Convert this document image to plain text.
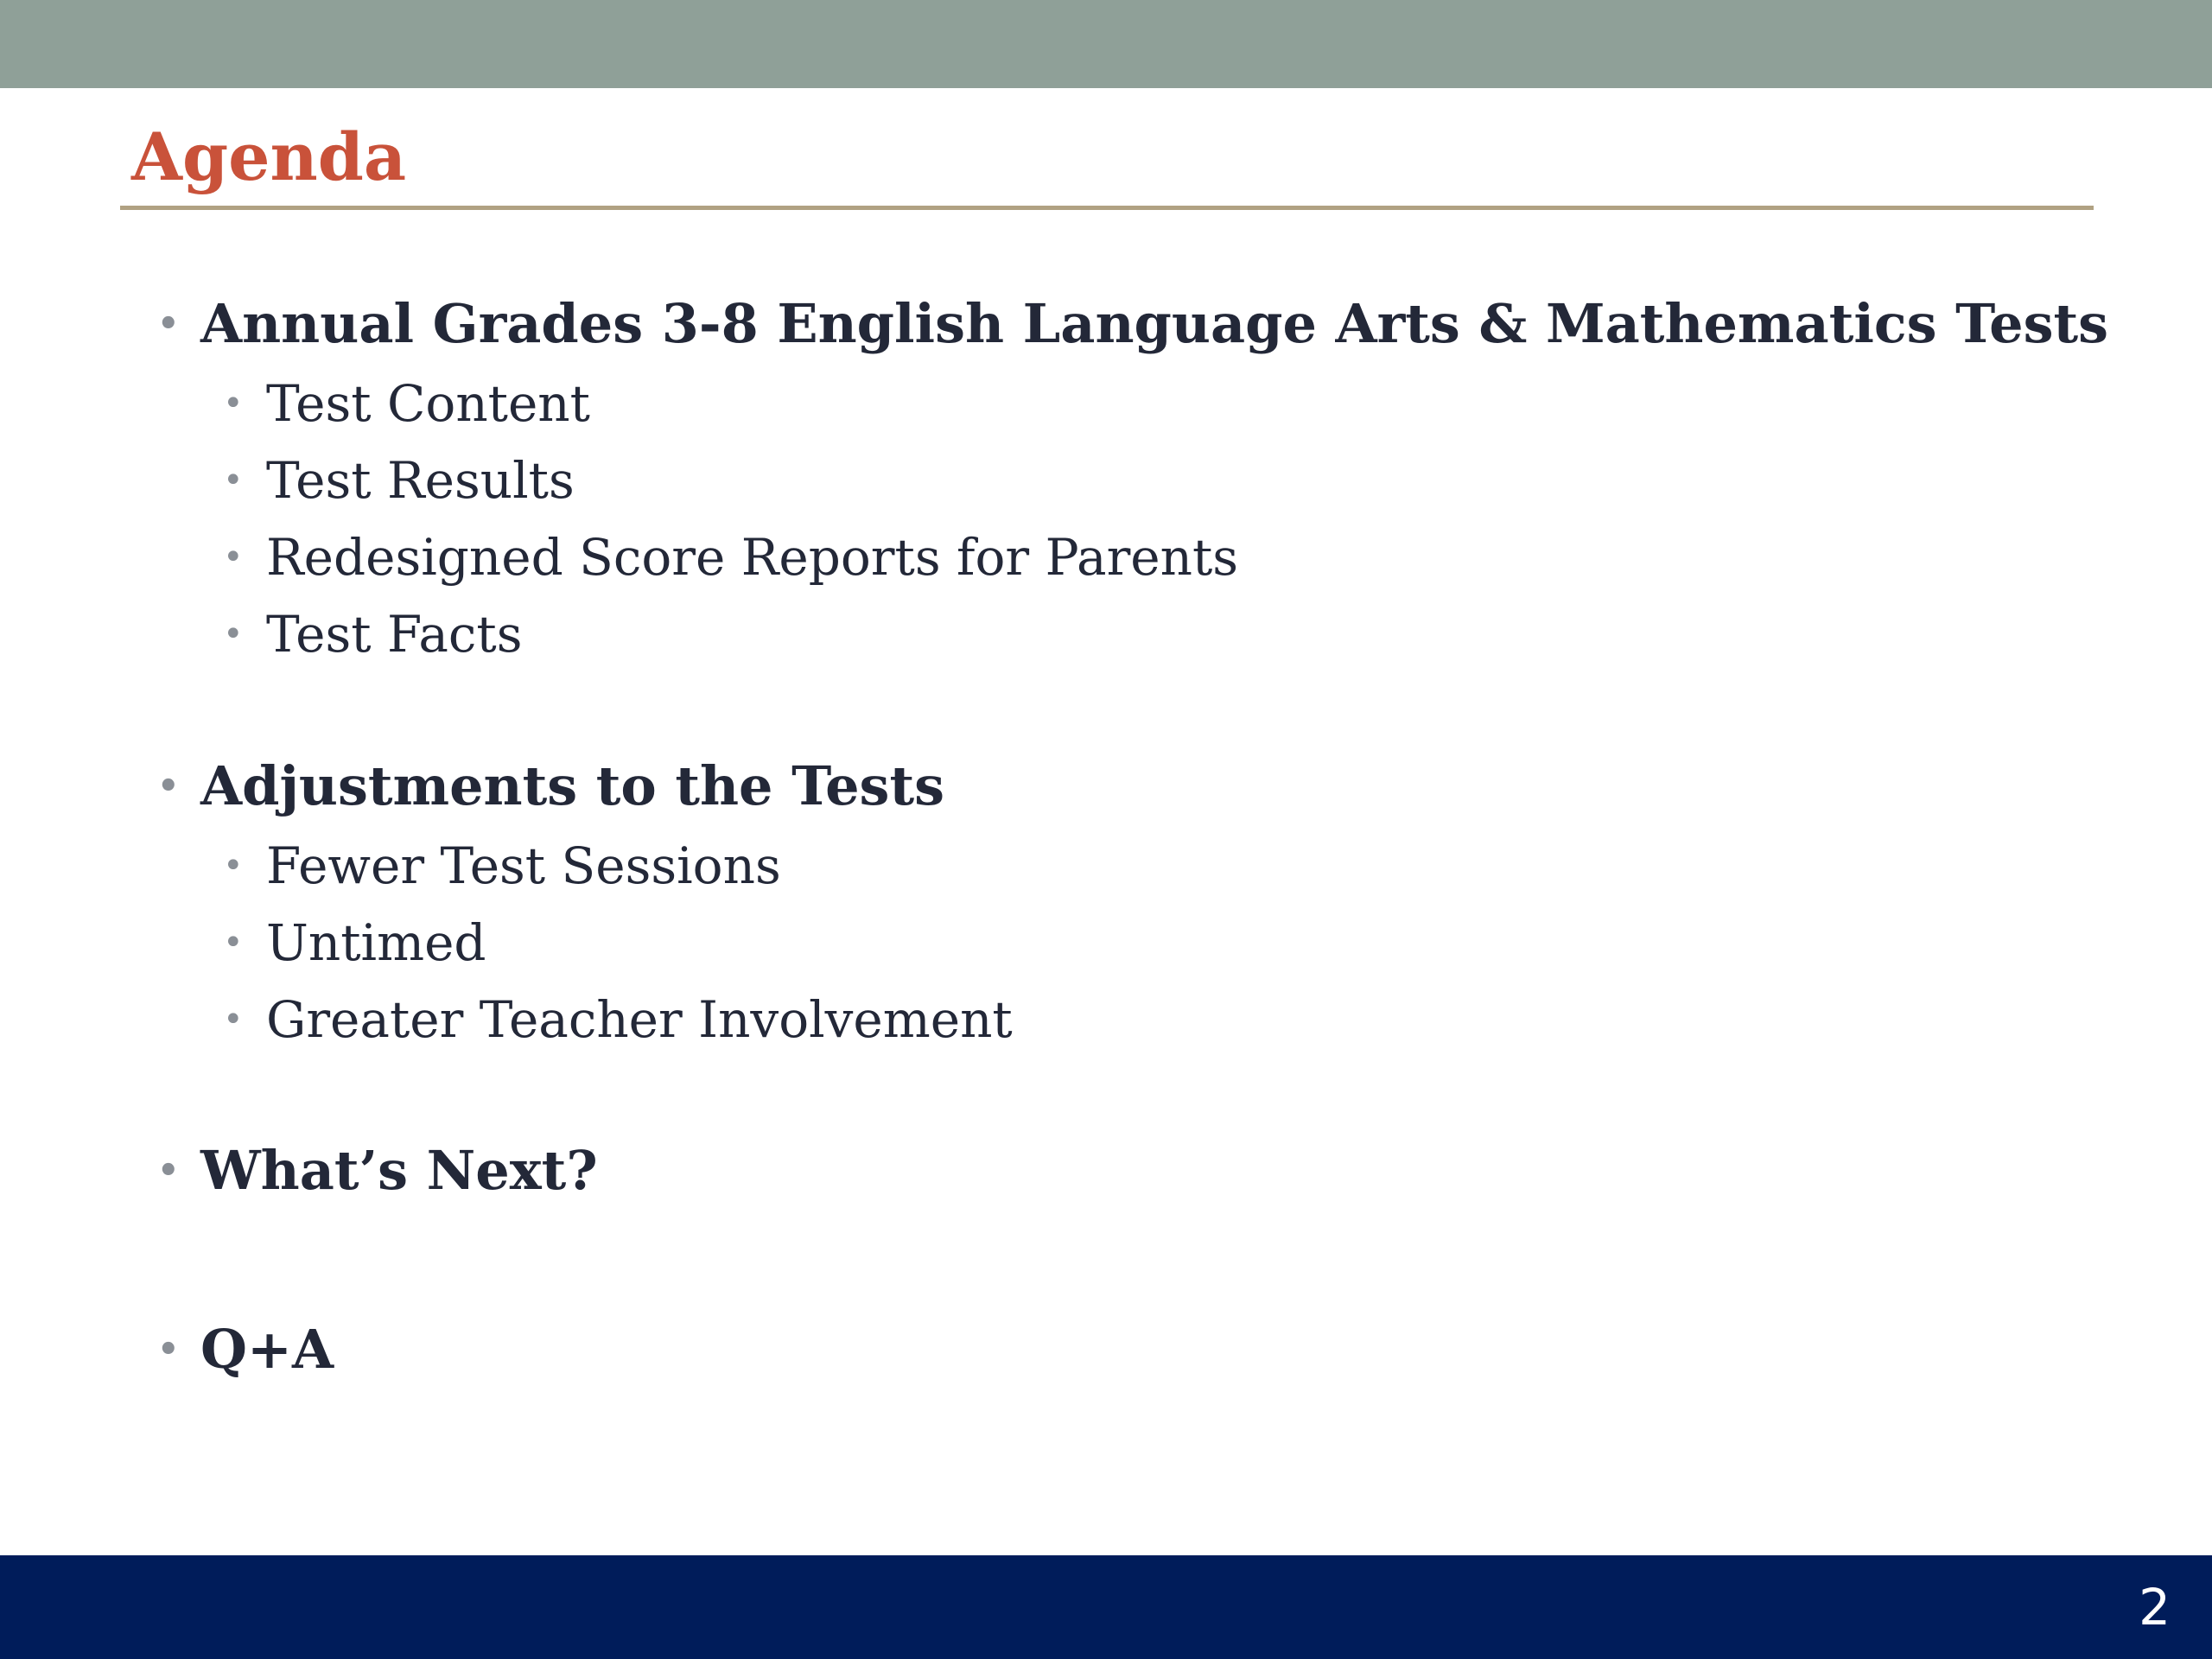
Agenda
• Annual Grades 3-8 English Language Arts & Mathematics Tests
• Test Content
• Test Results
• Redesigned Score Reports for Parents
• Test Facts
• Adjustments to the Tests
• Fewer Test Sessions
• Untimed
• Greater Teacher Involvement
• What’s Next?
• Q+A
2
